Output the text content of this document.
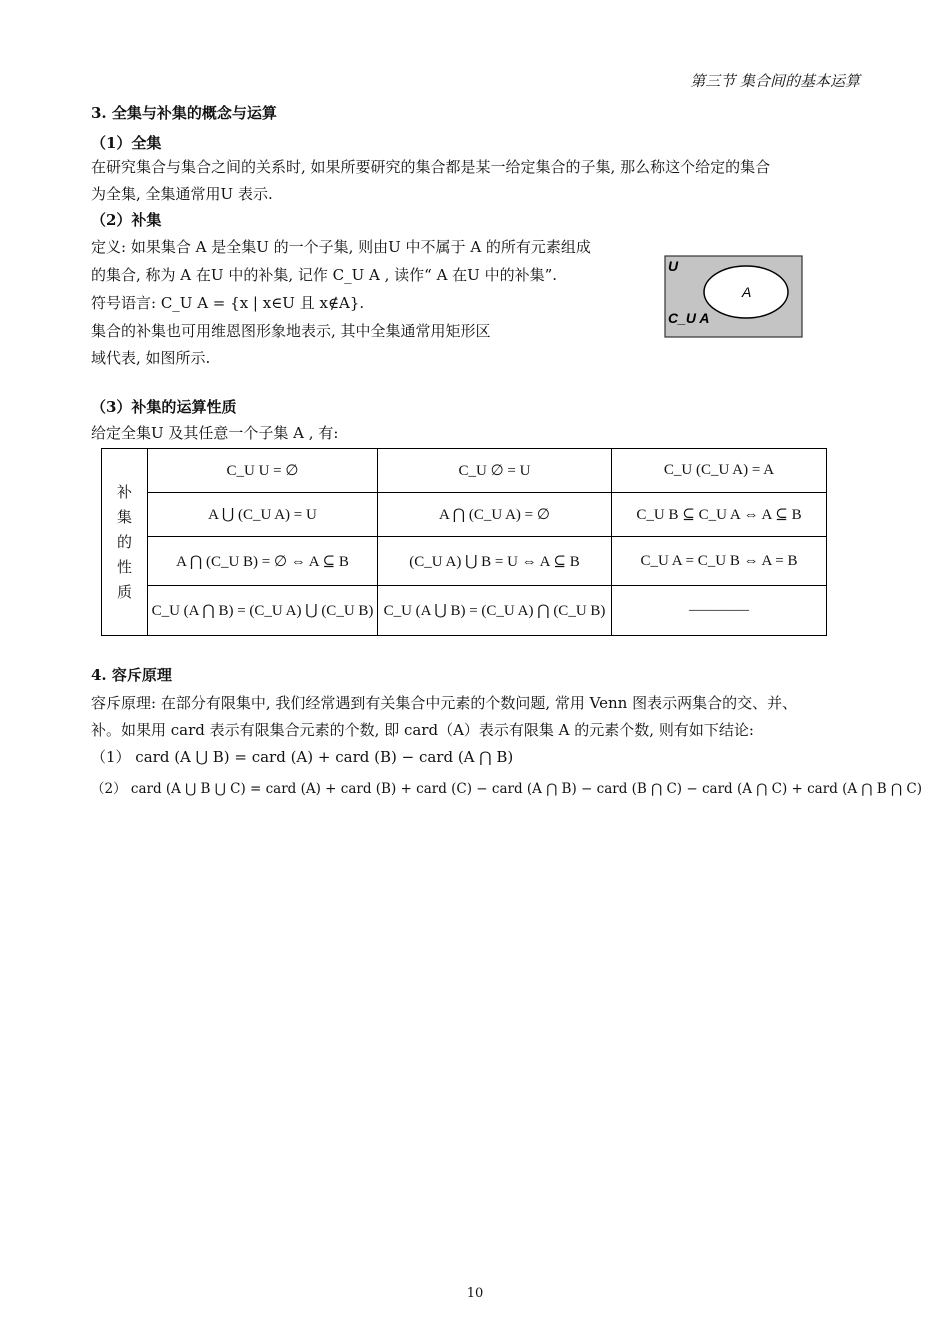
第三节 集合间的基本运算
3. 全集与补集的概念与运算
（1）全集
在研究集合与集合之间的关系时, 如果所要研究的集合都是某一给定集合的子集, 那么称这个给定的集合
为全集, 全集通常用U 表示.
（2）补集
定义: 如果集合 A 是全集U 的一个子集, 则由U 中不属于 A 的所有元素组成
的集合, 称为 A 在U 中的补集, 记作 C_U A , 读作“ A 在U 中的补集”.
符号语言: C_U A = {x | x∈U 且 x∉A}.
集合的补集也可用维恩图形象地表示, 其中全集通常用矩形区
域代表, 如图所示.
U
A
C_U A
（3）补集的运算性质
给定全集U 及其任意一个子集 A , 有:
补
集
的
性
质	C_U U = ∅	C_U ∅ = U	C_U (C_U A) = A
	A ⋃ (C_U A) = U	A ⋂ (C_U A) = ∅	C_U B ⊆ C_U A ⇔ A ⊆ B
	A ⋂ (C_U B) = ∅ ⇔ A ⊆ B	(C_U A) ⋃ B = U ⇔ A ⊆ B	C_U A = C_U B ⇔ A = B
	C_U (A ⋂ B) = (C_U A) ⋃ (C_U B)	C_U (A ⋃ B) = (C_U A) ⋂ (C_U B)	————
4. 容斥原理
容斥原理: 在部分有限集中, 我们经常遇到有关集合中元素的个数问题, 常用 Venn 图表示两集合的交、并、
补。如果用 card 表示有限集合元素的个数, 即 card（A）表示有限集 A 的元素个数, 则有如下结论:
（1） card (A ⋃ B) = card (A) + card (B) − card (A ⋂ B)
（2） card (A ⋃ B ⋃ C) = card (A) + card (B) + card (C) − card (A ⋂ B) − card (B ⋂ C) − card (A ⋂ C) + card (A ⋂ B ⋂ C)
10
